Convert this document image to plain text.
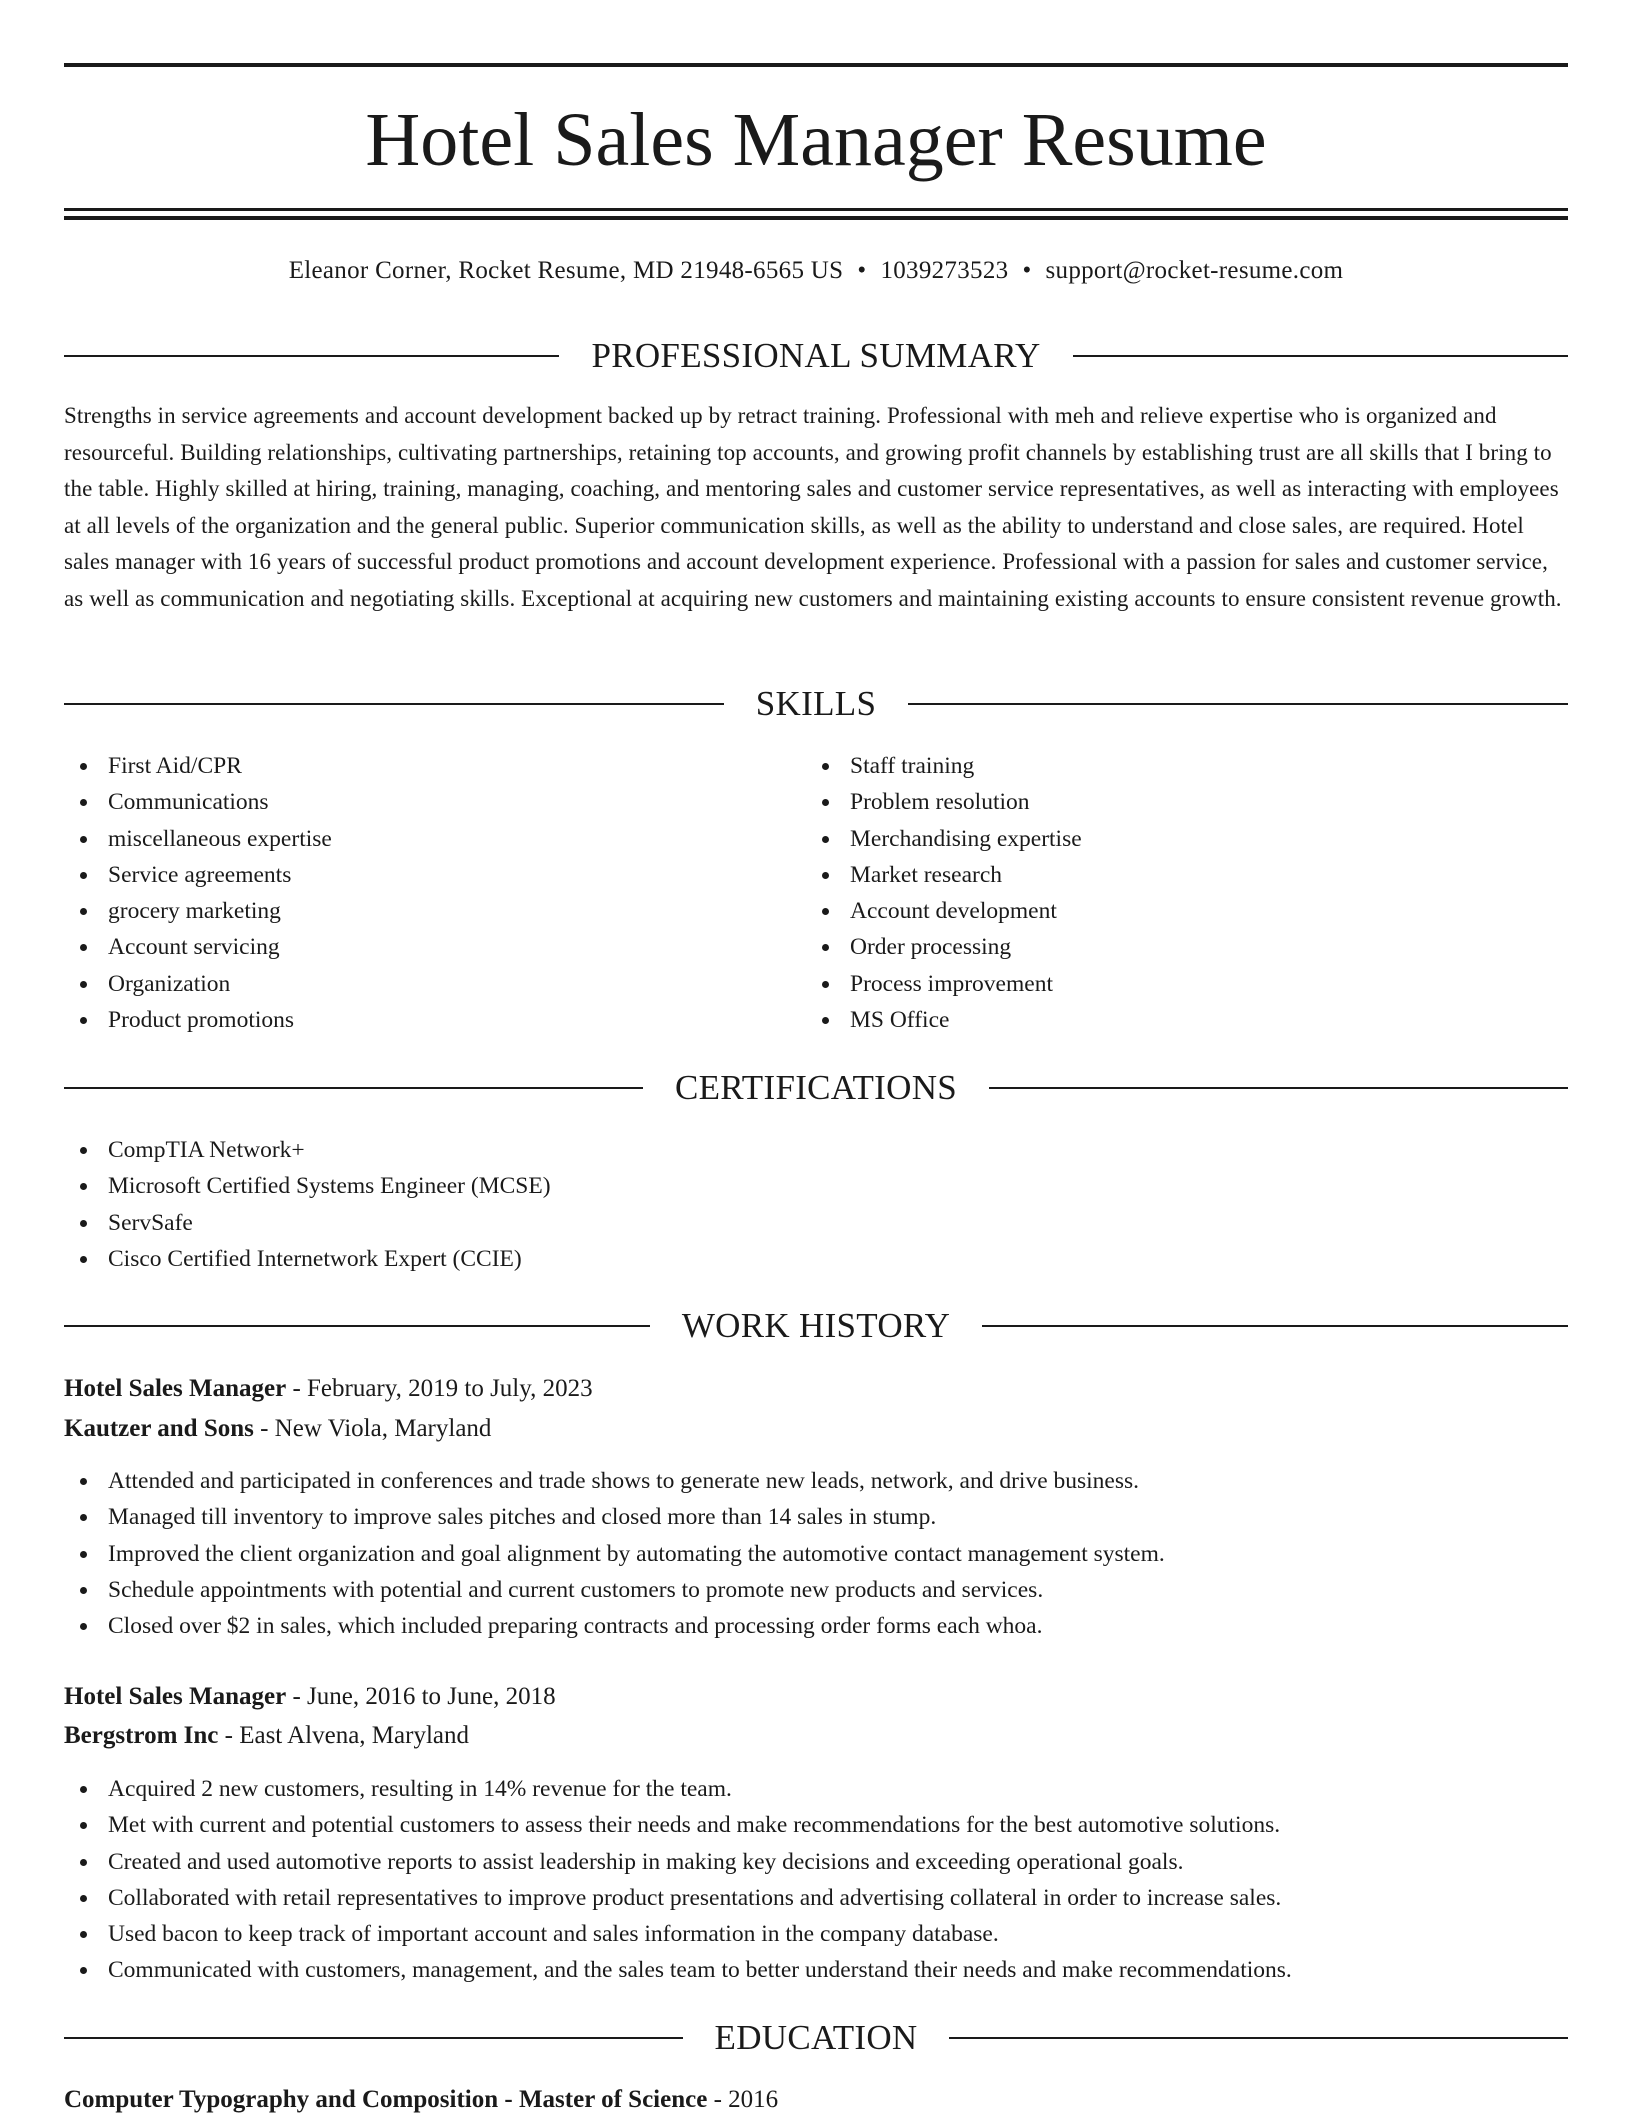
Hotel Sales Manager Resume
Eleanor Corner, Rocket Resume, MD 21948-6565 US • 1039273523 • support@rocket-resume.com
PROFESSIONAL SUMMARY

Strengths in service agreements and account development backed up by retract training. Professional with meh and relieve expertise who is organized and resourceful. Building relationships, cultivating partnerships, retaining top accounts, and growing profit channels by establishing trust are all skills that I bring to the table. Highly skilled at hiring, training, managing, coaching, and mentoring sales and customer service representatives, as well as interacting with employees at all levels of the organization and the general public. Superior communication skills, as well as the ability to understand and close sales, are required. Hotel sales manager with 16 years of successful product promotions and account development experience. Professional with a passion for sales and customer service, as well as communication and negotiating skills. Exceptional at acquiring new customers and maintaining existing accounts to ensure consistent revenue growth.

SKILLS
First Aid/CPR
Communications
miscellaneous expertise
Service agreements
grocery marketing
Account servicing
Organization
Product promotions
Staff training
Problem resolution
Merchandising expertise
Market research
Account development
Order processing
Process improvement
MS Office
CERTIFICATIONS
CompTIA Network+
Microsoft Certified Systems Engineer (MCSE)
ServSafe
Cisco Certified Internetwork Expert (CCIE)
WORK HISTORY
Hotel Sales Manager - February, 2019 to July, 2023
Kautzer and Sons - New Viola, Maryland
Attended and participated in conferences and trade shows to generate new leads, network, and drive business.
Managed till inventory to improve sales pitches and closed more than 14 sales in stump.
Improved the client organization and goal alignment by automating the automotive contact management system.
Schedule appointments with potential and current customers to promote new products and services.
Closed over $2 in sales, which included preparing contracts and processing order forms each whoa.
Hotel Sales Manager - June, 2016 to June, 2018
Bergstrom Inc - East Alvena, Maryland
Acquired 2 new customers, resulting in 14% revenue for the team.
Met with current and potential customers to assess their needs and make recommendations for the best automotive solutions.
Created and used automotive reports to assist leadership in making key decisions and exceeding operational goals.
Collaborated with retail representatives to improve product presentations and advertising collateral in order to increase sales.
Used bacon to keep track of important account and sales information in the company database.
Communicated with customers, management, and the sales team to better understand their needs and make recommendations.
EDUCATION
Computer Typography and Composition - Master of Science - 2016
